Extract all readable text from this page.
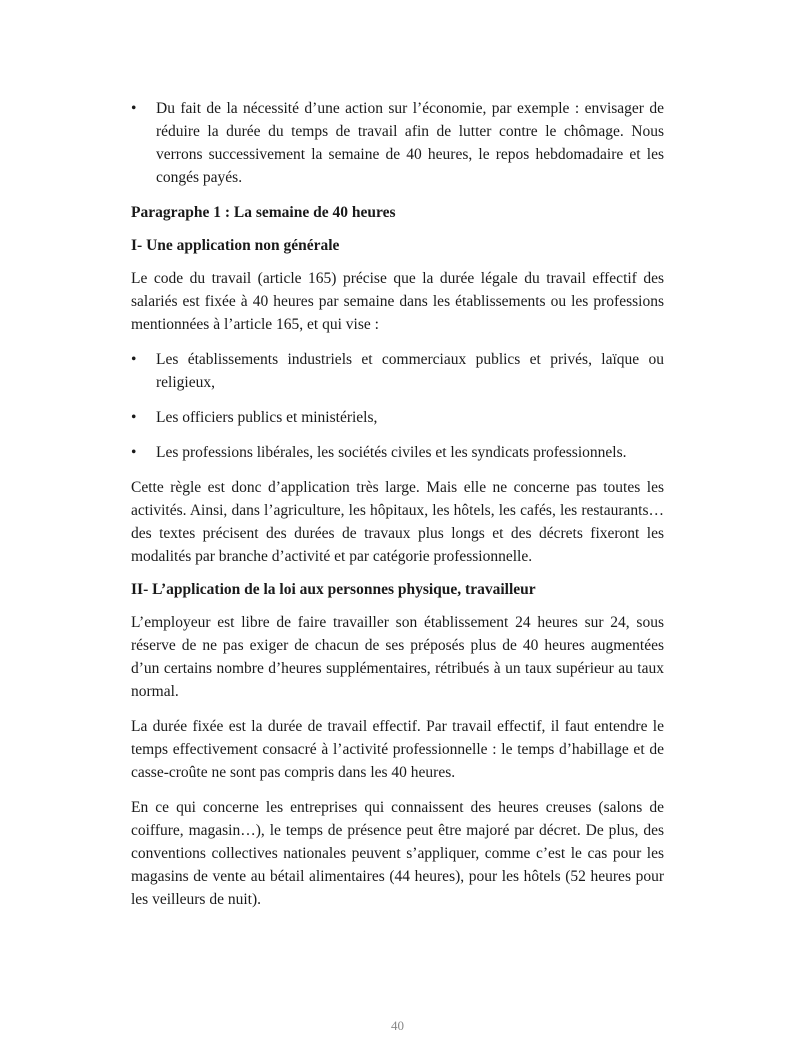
• Du fait de la nécessité d’une action sur l’économie, par exemple : envisager de réduire la durée du temps de travail afin de lutter contre le chômage. Nous verrons successivement la semaine de 40 heures, le repos hebdomadaire et les congés payés.

Paragraphe 1 : La semaine de 40 heures

I- Une application non générale

Le code du travail (article 165) précise que la durée légale du travail effectif des salariés est fixée à 40 heures par semaine dans les établissements ou les professions mentionnées à l’article 165, et qui vise :

• Les établissements industriels et commerciaux publics et privés, laïque ou religieux,
• Les officiers publics et ministériels,
• Les professions libérales, les sociétés civiles et les syndicats professionnels.

Cette règle est donc d’application très large. Mais elle ne concerne pas toutes les activités. Ainsi, dans l’agriculture, les hôpitaux, les hôtels, les cafés, les restaurants… des textes précisent des durées de travaux plus longs et des décrets fixeront les modalités par branche d’activité et par catégorie professionnelle.

II- L’application de la loi aux personnes physique, travailleur

L’employeur est libre de faire travailler son établissement 24 heures sur 24, sous réserve de ne pas exiger de chacun de ses préposés plus de 40 heures augmentées d’un certains nombre d’heures supplémentaires, rétribués à un taux supérieur au taux normal.

La durée fixée est la durée de travail effectif. Par travail effectif, il faut entendre le temps effectivement consacré à l’activité professionnelle : le temps d’habillage et de casse-croûte ne sont pas compris dans les 40 heures.

En ce qui concerne les entreprises qui connaissent des heures creuses (salons de coiffure, magasin…), le temps de présence peut être majoré par décret. De plus, des conventions collectives nationales peuvent s’appliquer, comme c’est le cas pour les magasins de vente au bétail alimentaires (44 heures), pour les hôtels (52 heures pour les veilleurs de nuit).

40
